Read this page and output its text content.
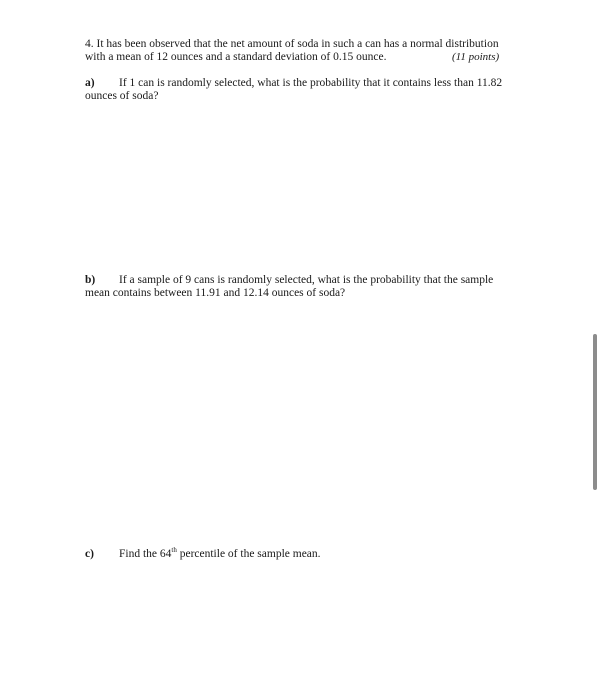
4. It has been observed that the net amount of soda in such a can has a normal distribution
with a mean of 12 ounces and a standard deviation of 0.15 ounce.	(11 points)
a) If 1 can is randomly selected, what is the probability that it contains less than 11.82
ounces of soda?
b) If a sample of 9 cans is randomly selected, what is the probability that the sample
mean contains between 11.91 and 12.14 ounces of soda?
c) Find the 64th percentile of the sample mean.
